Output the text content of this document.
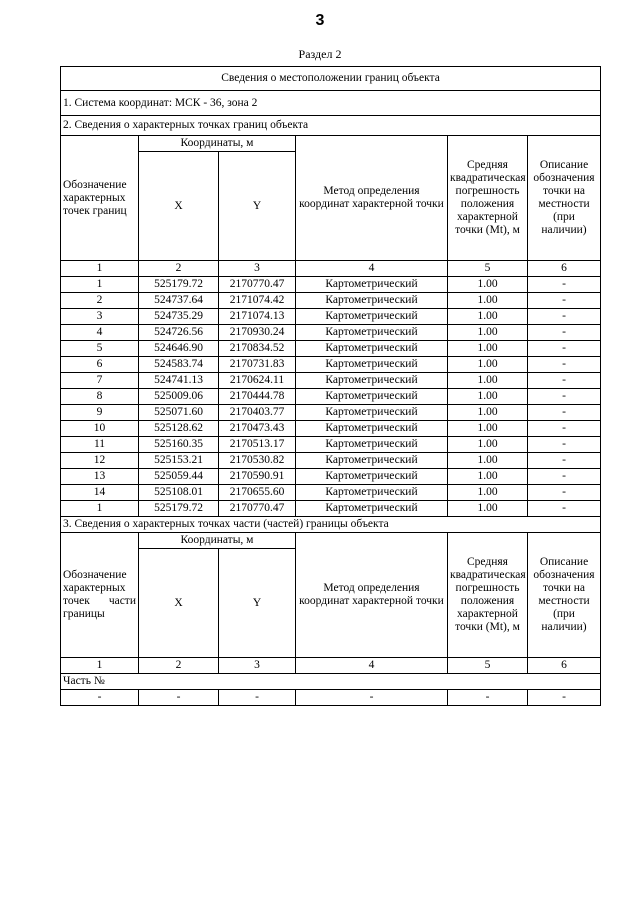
3
Раздел 2
Сведения о местоположении границ объекта					
1. Система координат: МСК - 36, зона 2					
2. Сведения о характерных точках границ объекта					
Обозначение характерных точек границ	Координаты, м		Метод определения координат характерной точки	Средняя квадратическая погрешность положения характерной точки (Mt), м	Описание обозначения точки на местности (при наличии)
	X	Y			
1	2	3	4	5	6
1	525179.72	2170770.47	Картометрический	1.00	-
2	524737.64	2171074.42	Картометрический	1.00	-
3	524735.29	2171074.13	Картометрический	1.00	-
4	524726.56	2170930.24	Картометрический	1.00	-
5	524646.90	2170834.52	Картометрический	1.00	-
6	524583.74	2170731.83	Картометрический	1.00	-
7	524741.13	2170624.11	Картометрический	1.00	-
8	525009.06	2170444.78	Картометрический	1.00	-
9	525071.60	2170403.77	Картометрический	1.00	-
10	525128.62	2170473.43	Картометрический	1.00	-
11	525160.35	2170513.17	Картометрический	1.00	-
12	525153.21	2170530.82	Картометрический	1.00	-
13	525059.44	2170590.91	Картометрический	1.00	-
14	525108.01	2170655.60	Картометрический	1.00	-
1	525179.72	2170770.47	Картометрический	1.00	-
3. Сведения о характерных точках части (частей) границы объекта					
Обозначение характерных точек части границы	Координаты, м		Метод определения координат характерной точки	Средняя квадратическая погрешность положения характерной точки (Mt), м	Описание обозначения точки на местности (при наличии)
	X	Y			
1	2	3	4	5	6
Часть №					
-	-	-	-	-	-
